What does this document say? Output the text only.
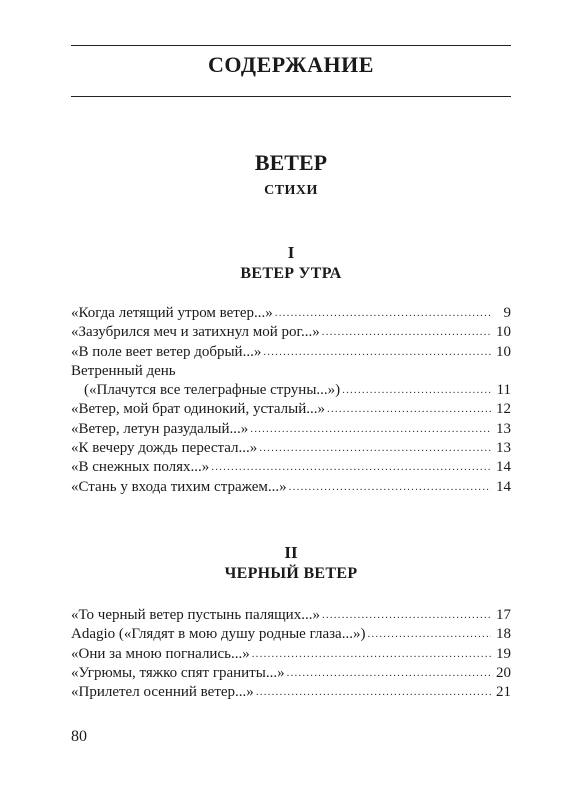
СОДЕРЖАНИЕ
ВЕТЕР
СТИХИ
I
ВЕТЕР УТРА
«Когда летящий утром ветер...» .....	9
«Зазубрился меч и затихнул мой рог...» .....	10
«В поле веет ветер добрый...» .....	10
Ветренный день
(«Плачутся все телеграфные струны...») .....	11
«Ветер, мой брат одинокий, усталый...» .....	12
«Ветер, летун разудалый...» .....	13
«К вечеру дождь перестал...» .....	13
«В снежных полях...» .....	14
«Стань у входа тихим стражем...» .....	14
II
ЧЕРНЫЙ ВЕТЕР
«То черный ветер пустынь палящих...» .....	17
Adagio («Глядят в мою душу родные глаза...») .....	18
«Они за мною погнались...» .....	19
«Угрюмы, тяжко спят граниты...» .....	20
«Прилетел осенний ветер...» .....	21
80
